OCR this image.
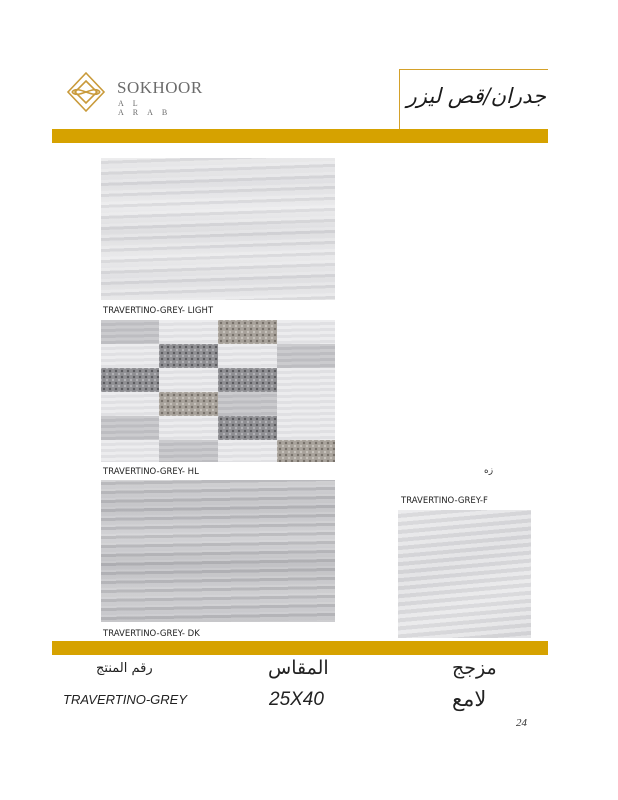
SOKHOOR
AL ARAB
جدران/قص ليزر
TRAVERTINO-GREY- LIGHT
TRAVERTINO-GREY- HL	زه
TRAVERTINO-GREY- DK
TRAVERTINO-GREY-F
رقم المنتج	المقاس	مزجج
TRAVERTINO-GREY	25X40	لامع
24
